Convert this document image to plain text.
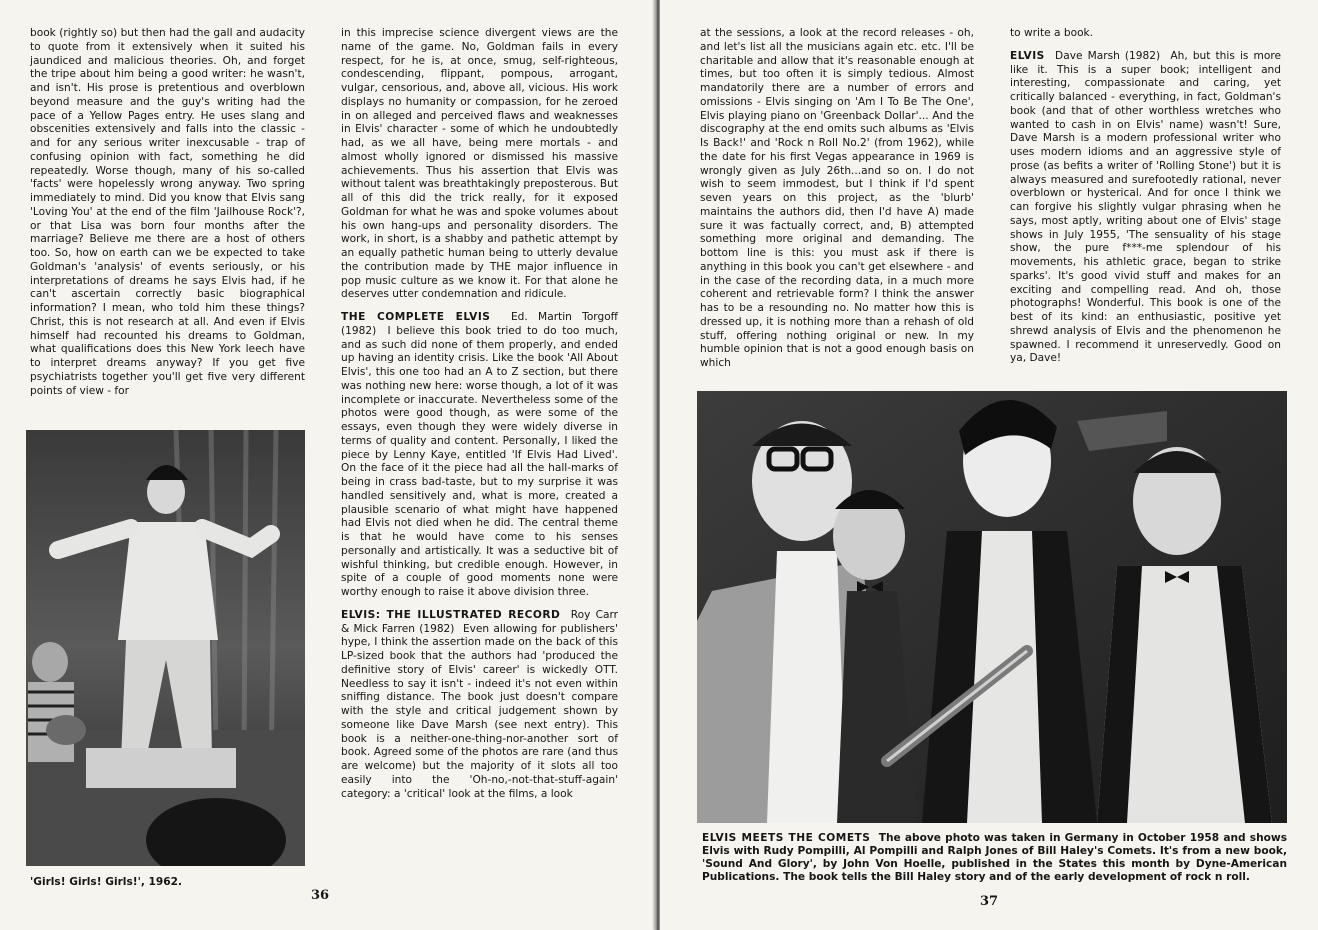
book (rightly so) but then had the gall and audacity to quote from it extensively when it suited his jaundiced and malicious theories. Oh, and forget the tripe about him being a good writer: he wasn't, and isn't. His prose is pretentious and overblown beyond measure and the guy's writing had the pace of a Yellow Pages entry. He uses slang and obscenities extensively and falls into the classic - and for any serious writer inexcusable - trap of confusing opinion with fact, something he did repeatedly. Worse though, many of his so-called 'facts' were hopelessly wrong anyway. Two spring immediately to mind. Did you know that Elvis sang 'Loving You' at the end of the film 'Jailhouse Rock'?, or that Lisa was born four months after the marriage? Believe me there are a host of others too. So, how on earth can we be expected to take Goldman's 'analysis' of events seriously, or his interpretations of dreams he says Elvis had, if he can't ascertain correctly basic biographical information? I mean, who told him these things? Christ, this is not research at all. And even if Elvis himself had recounted his dreams to Goldman, what qualifications does this New York leech have to interpret dreams anyway? If you get five psychiatrists together you'll get five very different points of view - for

'Girls! Girls! Girls!', 1962.

in this imprecise science divergent views are the name of the game. No, Goldman fails in every respect, for he is, at once, smug, self-righteous, condescending, flippant, pompous, arrogant, vulgar, censorious, and, above all, vicious. His work displays no humanity or compassion, for he zeroed in on alleged and perceived flaws and weaknesses in Elvis' character - some of which he undoubtedly had, as we all have, being mere mortals - and almost wholly ignored or dismissed his massive achievements. Thus his assertion that Elvis was without talent was breathtakingly preposterous. But all of this did the trick really, for it exposed Goldman for what he was and spoke volumes about his own hang-ups and personality disorders. The work, in short, is a shabby and pathetic attempt by an equally pathetic human being to utterly devalue the contribution made by THE major influence in pop music culture as we know it. For that alone he deserves utter condemnation and ridicule.

THE COMPLETE ELVIS Ed. Martin Torgoff (1982) I believe this book tried to do too much, and as such did none of them properly, and ended up having an identity crisis. Like the book 'All About Elvis', this one too had an A to Z section, but there was nothing new here: worse though, a lot of it was incomplete or inaccurate. Nevertheless some of the photos were good though, as were some of the essays, even though they were widely diverse in terms of quality and content. Personally, I liked the piece by Lenny Kaye, entitled 'If Elvis Had Lived'. On the face of it the piece had all the hall-marks of being in crass bad-taste, but to my surprise it was handled sensitively and, what is more, created a plausible scenario of what might have happened had Elvis not died when he did. The central theme is that he would have come to his senses personally and artistically. It was a seductive bit of wishful thinking, but credible enough. However, in spite of a couple of good moments none were worthy enough to raise it above division three.

ELVIS: THE ILLUSTRATED RECORD Roy Carr & Mick Farren (1982) Even allowing for publishers' hype, I think the assertion made on the back of this LP-sized book that the authors had 'produced the definitive story of Elvis' career' is wickedly OTT. Needless to say it isn't - indeed it's not even within sniffing distance. The book just doesn't compare with the style and critical judgement shown by someone like Dave Marsh (see next entry). This book is a neither-one-thing-nor-another sort of book. Agreed some of the photos are rare (and thus are welcome) but the majority of it slots all too easily into the 'Oh-no,-not-that-stuff-again' category: a 'critical' look at the films, a look

36

at the sessions, a look at the record releases - oh, and let's list all the musicians again etc. etc. I'll be charitable and allow that it's reasonable enough at times, but too often it is simply tedious. Almost mandatorily there are a number of errors and omissions - Elvis singing on 'Am I To Be The One', Elvis playing piano on 'Greenback Dollar'... And the discography at the end omits such albums as 'Elvis Is Back!' and 'Rock n Roll No.2' (from 1962), while the date for his first Vegas appearance in 1969 is wrongly given as July 26th...and so on. I do not wish to seem immodest, but I think if I'd spent seven years on this project, as the 'blurb' maintains the authors did, then I'd have A) made sure it was factually correct, and, B) attempted something more original and demanding. The bottom line is this: you must ask if there is anything in this book you can't get elsewhere - and in the case of the recording data, in a much more coherent and retrievable form? I think the answer has to be a resounding no. No matter how this is dressed up, it is nothing more than a rehash of old stuff, offering nothing original or new. In my humble opinion that is not a good enough basis on which

to write a book.

ELVIS Dave Marsh (1982) Ah, but this is more like it. This is a super book; intelligent and interesting, compassionate and caring, yet critically balanced - everything, in fact, Goldman's book (and that of other worthless wretches who wanted to cash in on Elvis' name) wasn't! Sure, Dave Marsh is a modern professional writer who uses modern idioms and an aggressive style of prose (as befits a writer of 'Rolling Stone') but it is always measured and surefootedly rational, never overblown or hysterical. And for once I think we can forgive his slightly vulgar phrasing when he says, most aptly, writing about one of Elvis' stage shows in July 1955, 'The sensuality of his stage show, the pure f***-me splendour of his movements, his athletic grace, began to strike sparks'. It's good vivid stuff and makes for an exciting and compelling read. And oh, those photographs! Wonderful. This book is one of the best of its kind: an enthusiastic, positive yet shrewd analysis of Elvis and the phenomenon he spawned. I recommend it unreservedly. Good on ya, Dave!

ELVIS MEETS THE COMETS The above photo was taken in Germany in October 1958 and shows Elvis with Rudy Pompilli, Al Pompilli and Ralph Jones of Bill Haley's Comets. It's from a new book, 'Sound And Glory', by John Von Hoelle, published in the States this month by Dyne-American Publications. The book tells the Bill Haley story and of the early development of rock n roll.
37
